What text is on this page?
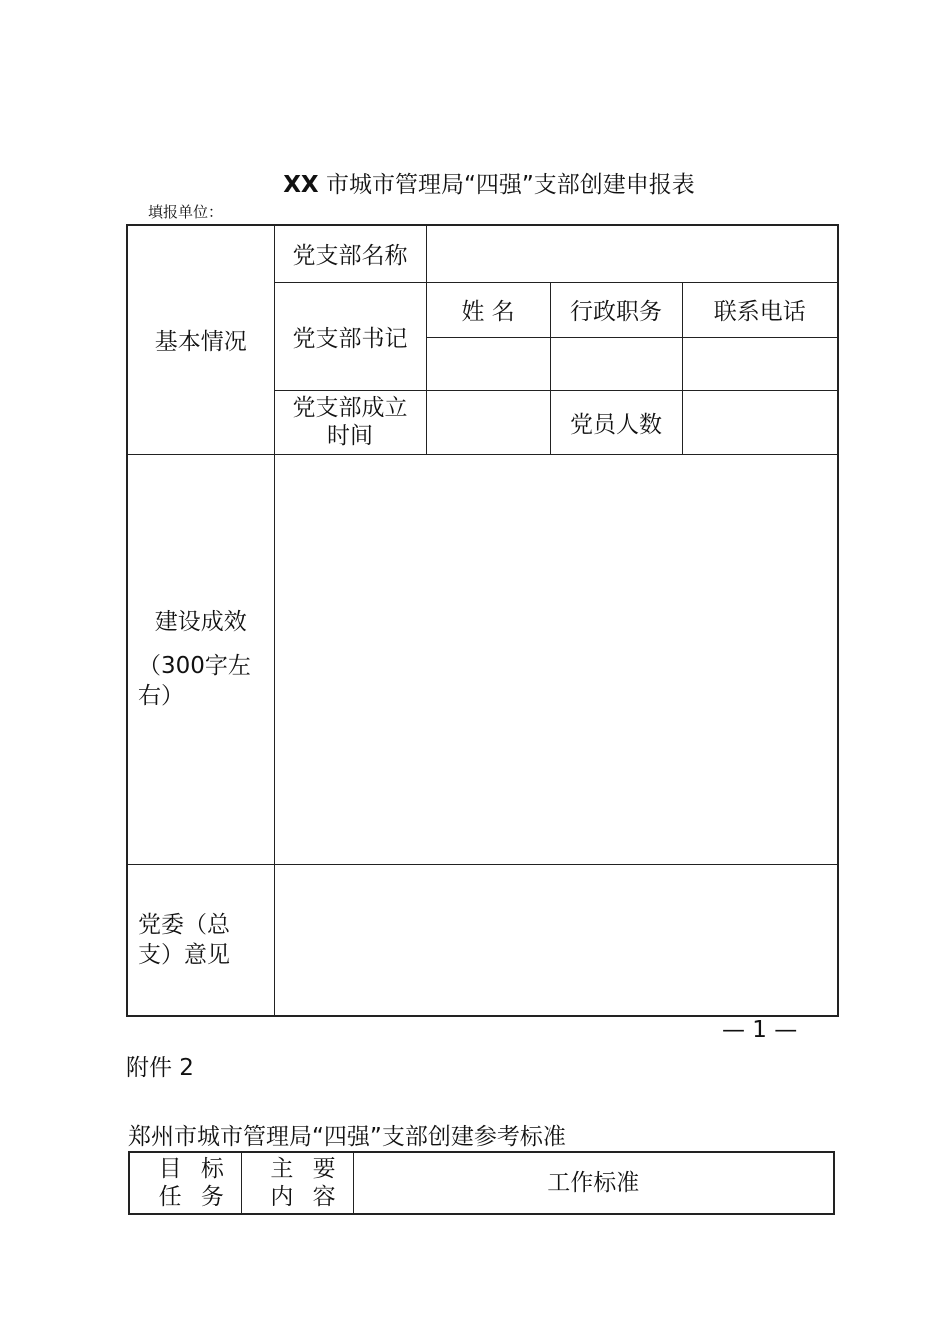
XX 市城市管理局“四强”支部创建申报表
填报单位：
基本情况	党支部名称			
	党支部书记	姓 名	行政职务	联系电话

	党支部成立时间		党员人数	

建设成效
（300字左右）				

党委（总支）意见				
— 1 —
附件 2
郑州市城市管理局“四强”支部创建参考标准
目 标 任 务	主 要 内 容	工作标准
